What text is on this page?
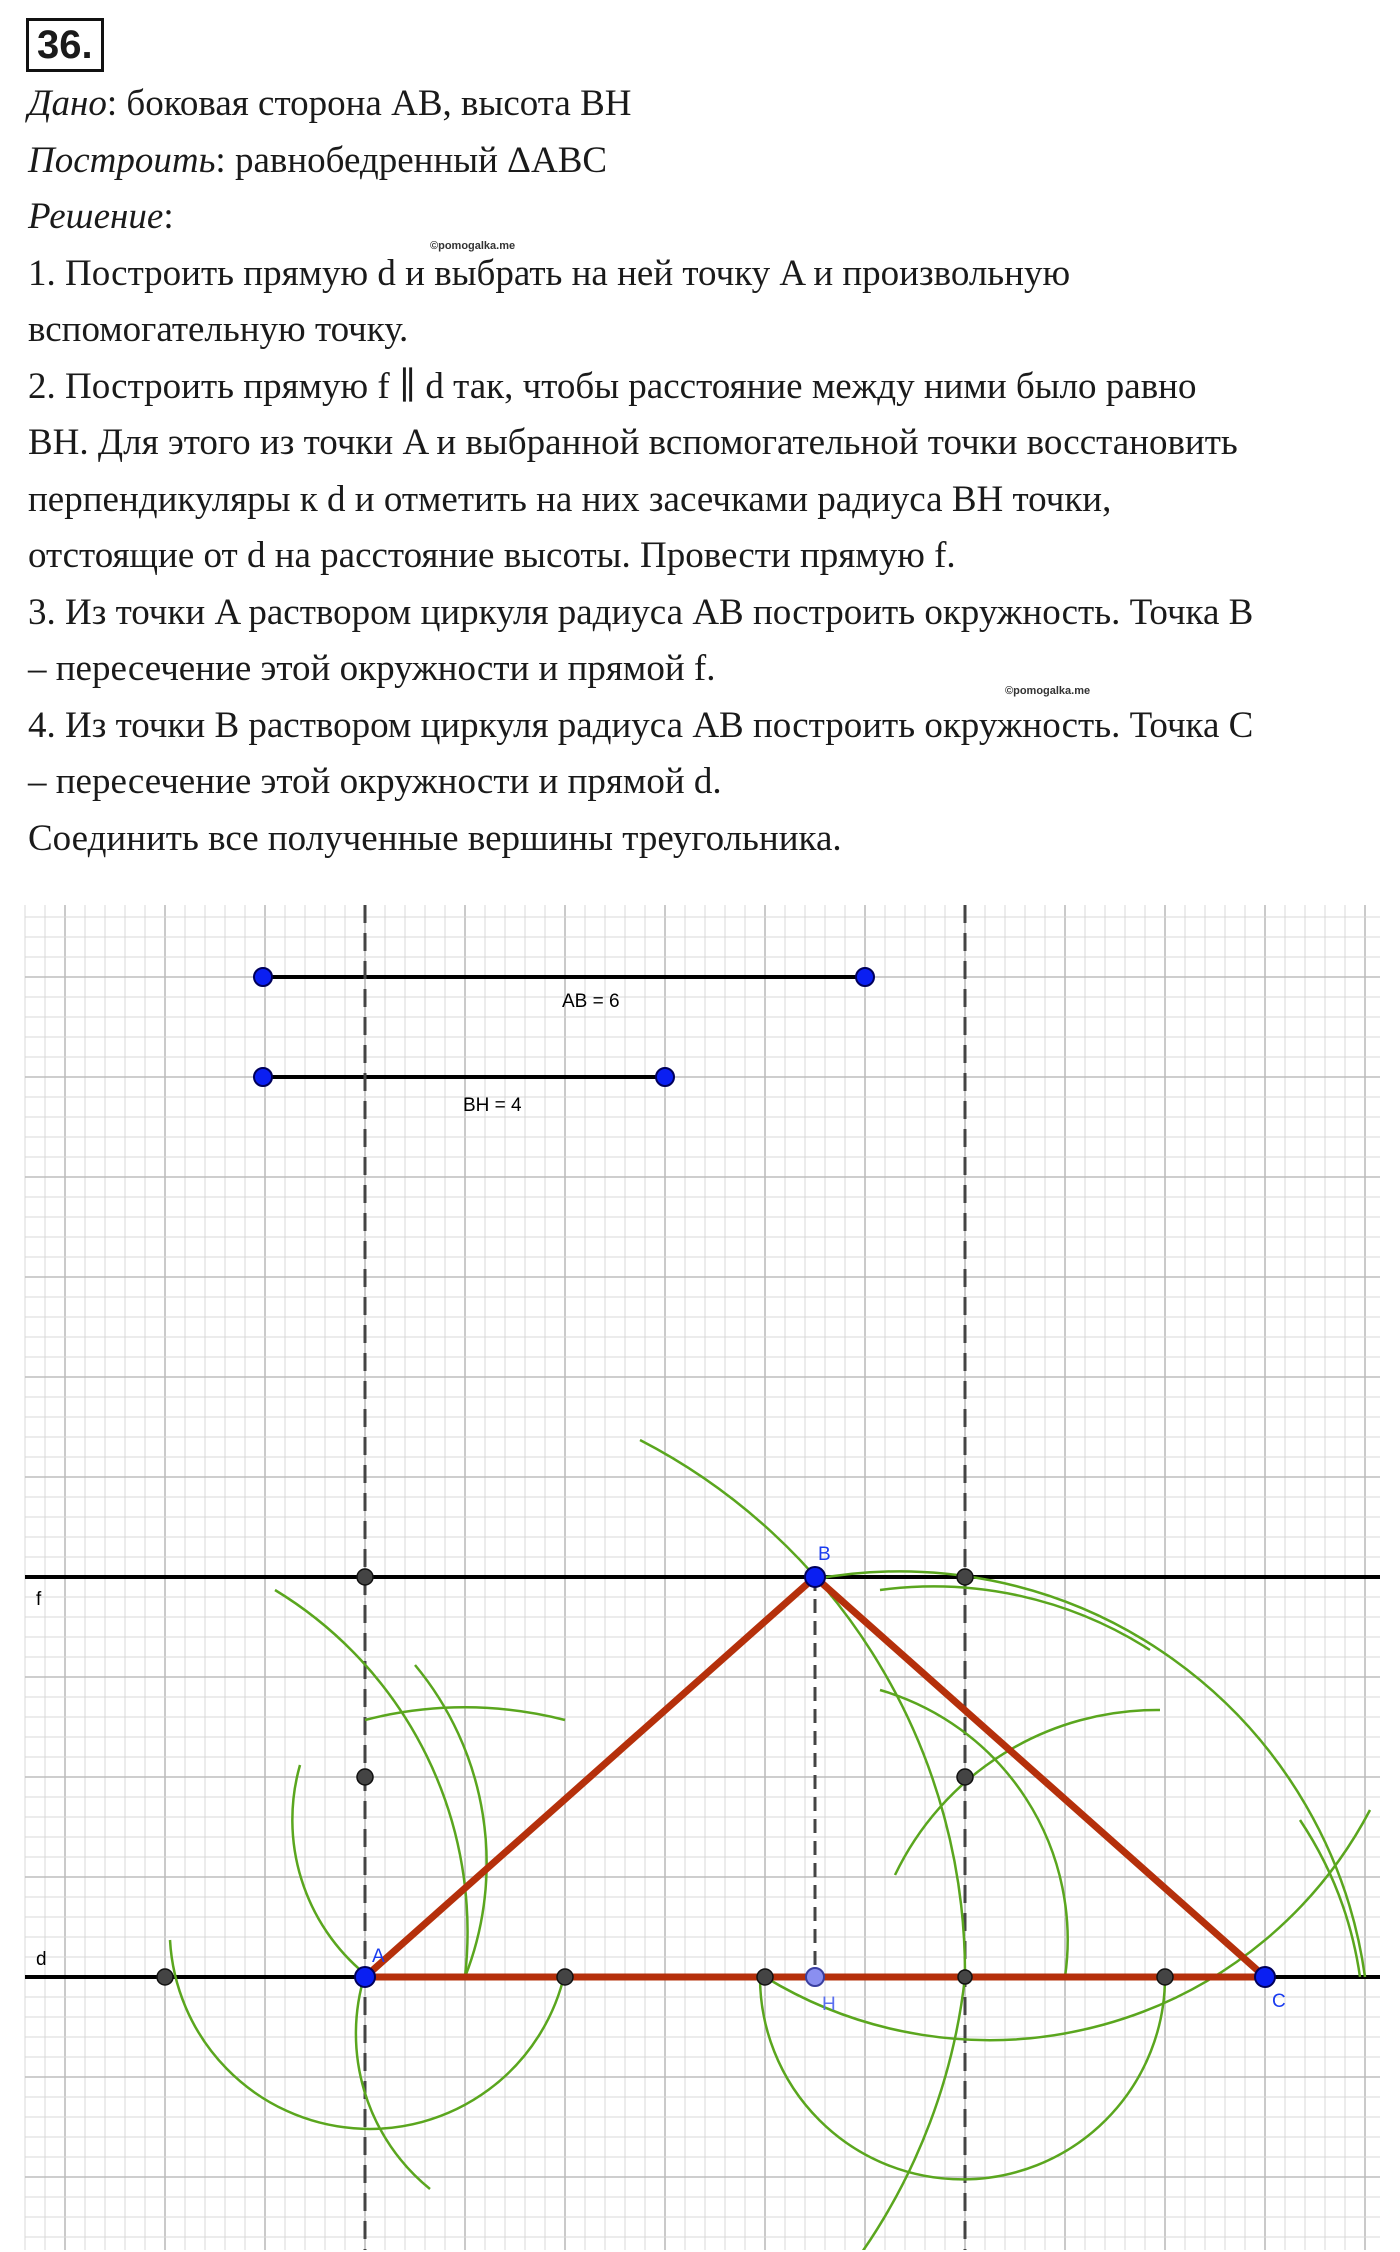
36.
Дано: боковая сторона AB, высота BH
Построить: равнобедренный ΔABC
Решение:
1. Построить прямую d и выбрать на ней точку A и произвольную
вспомогательную точку.
2. Построить прямую f ∥ d так, чтобы расстояние между ними было равно
BH. Для этого из точки A и выбранной вспомогательной точки восстановить
перпендикуляры к d и отметить на них засечками радиуса BH точки,
отстоящие от d на расстояние высоты. Провести прямую f.
3. Из точки A раствором циркуля радиуса AB построить окружность. Точка B
– пересечение этой окружности и прямой f.
4. Из точки B раствором циркуля радиуса AB построить окружность. Точка C
– пересечение этой окружности и прямой d.
Соединить все полученные вершины треугольника.
©pomogalka.me
©pomogalka.me
AB = 6
BH = 4
f
d	A
B
C
H
